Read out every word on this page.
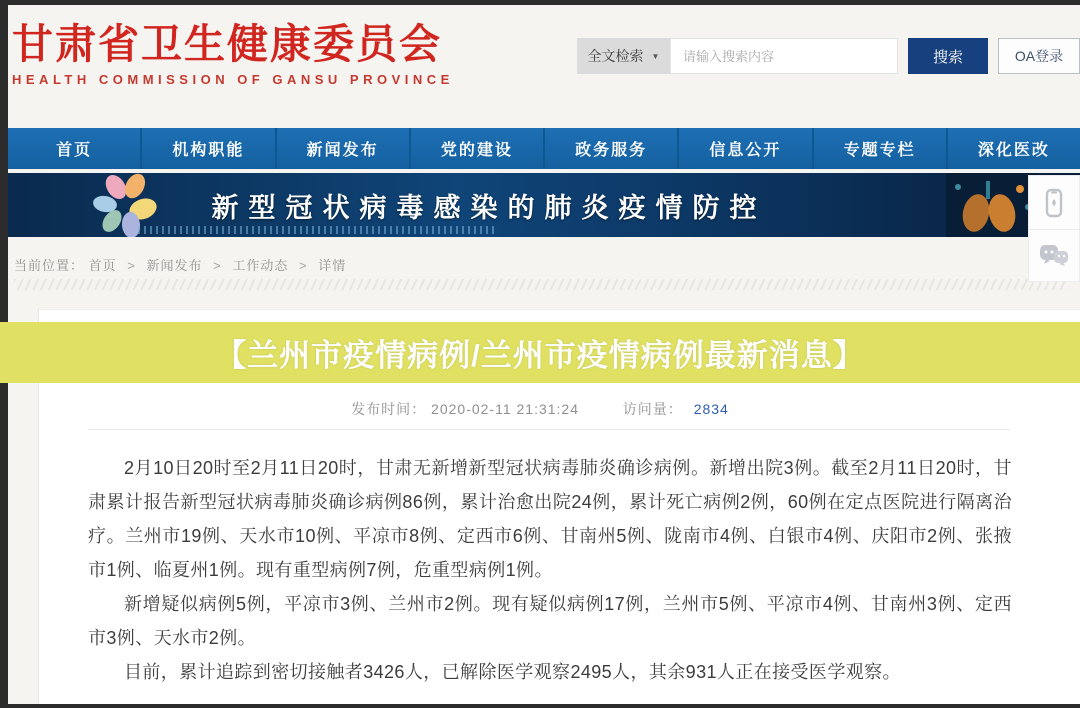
甘肃省卫生健康委员会
HEALTH COMMISSION OF GANSU PROVINCE
全文检索 ▼
请输入搜索内容	搜索	OA登录
首页	机构职能	新闻发布	党的建设	政务服务	信息公开	专题专栏	深化医改
新型冠状病毒感染的肺炎疫情防控
当前位置： 首页 > 新闻发布 > 工作动态 > 详情
【兰州市疫情病例/兰州市疫情病例最新消息】
发布时间： 2020-02-11 21:31:24	访问量： 2834

2月10日20时至2月11日20时，甘肃无新增新型冠状病毒肺炎确诊病例。新增出院3例。截至2月11日20时，甘肃累计报告新型冠状病毒肺炎确诊病例86例，累计治愈出院24例，累计死亡病例2例，60例在定点医院进行隔离治疗。兰州市19例、天水市10例、平凉市8例、定西市6例、甘南州5例、陇南市4例、白银市4例、庆阳市2例、张掖市1例、临夏州1例。现有重型病例7例，危重型病例1例。

新增疑似病例5例，平凉市3例、兰州市2例。现有疑似病例17例，兰州市5例、平凉市4例、甘南州3例、定西市3例、天水市2例。

目前，累计追踪到密切接触者3426人，已解除医学观察2495人，其余931人正在接受医学观察。
